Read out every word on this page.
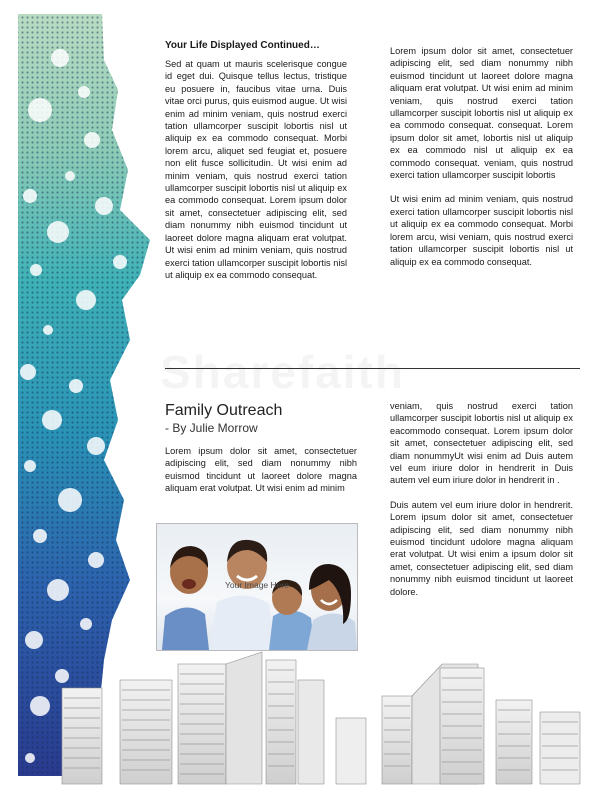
Your Life Displayed Continued…

Sed at quam ut mauris scelerisque congue id eget dui. Quisque tellus lectus, tristique eu posuere in, faucibus vitae urna. Duis vitae orci purus, quis euismod augue. Ut wisi enim ad minim veniam, quis nostrud exerci tation ullamcorper suscipit lobortis nisl ut aliquip ex ea commodo consequat. Morbi lorem arcu, aliquet sed feugiat et, posuere non elit fusce sollicitudin. Ut wisi enim ad minim veniam, quis nostrud exerci tation ullamcorper suscipit lobortis nisl ut aliquip ex ea commodo consequat. Lorem ipsum dolor sit amet, consectetuer adipiscing elit, sed diam nonummy nibh euismod tincidunt ut laoreet dolore magna aliquam erat volutpat. Ut wisi enim ad minim veniam, quis nostrud exerci tation ullamcorper suscipit lobortis nisl ut aliquip ex ea commodo consequat.

Lorem ipsum dolor sit amet, consectetuer adipiscing elit, sed diam nonummy nibh euismod tincidunt ut laoreet dolore magna aliquam erat volutpat. Ut wisi enim ad minim veniam, quis nostrud exerci tation ullamcorper suscipit lobortis nisl ut aliquip ex ea commodo consequat. consequat. Lorem ipsum dolor sit amet, lobortis nisl ut aliquip ex ea commodo nisl ut aliquip ex ea commodo consequat. veniam, quis nostrud exerci tation ullamcorper suscipit lobortis

Ut wisi enim ad minim veniam, quis nostrud exerci tation ullamcorper suscipit lobortis nisl ut aliquip ex ea commodo consequat. Morbi lorem arcu, wisi veniam, quis nostrud exerci tation ullamcorper suscipit lobortis nisl ut aliquip ex ea commodo consequat.

Family Outreach
- By Julie Morrow

Lorem ipsum dolor sit amet, consectetuer adipiscing elit, sed diam nonummy nibh euismod tincidunt ut laoreet dolore magna aliquam erat volutpat. Ut wisi enim ad minim

Your Image Here

veniam, quis nostrud exerci tation ullamcorper suscipit lobortis nisl ut aliquip ex eacommodo consequat. Lorem ipsum dolor sit amet, consectetuer adipiscing elit, sed diam nonummyUt wisi enim ad Duis autem vel eum iriure dolor in hendrerit in Duis autem vel eum iriure dolor in hendrerit in .

Duis autem vel eum iriure dolor in hendrerit. Lorem ipsum dolor sit amet, consectetuer adipiscing elit, sed diam nonummy nibh euismod tincidunt udolore magna aliquam erat volutpat. Ut wisi enim a ipsum dolor sit amet, consectetuer adipiscing elit, sed diam nonummy nibh euismod tincidunt ut laoreet dolore.
